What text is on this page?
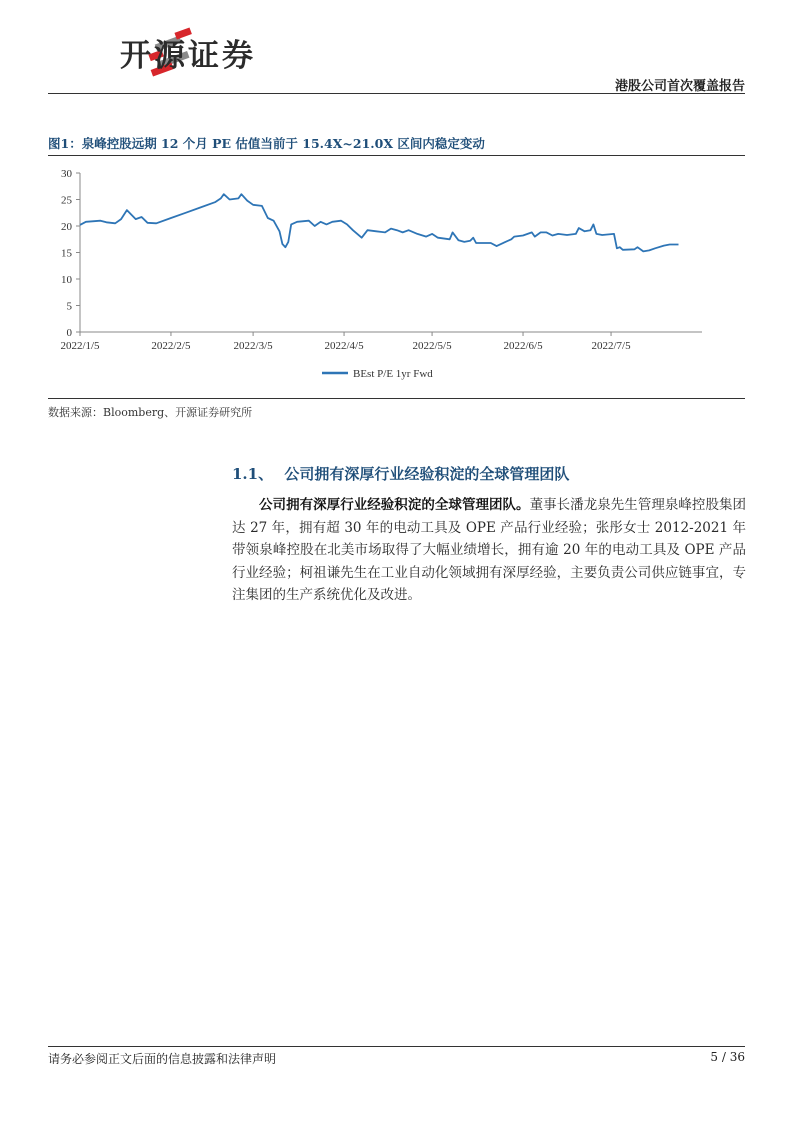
开源证券
港股公司首次覆盖报告
图1：泉峰控股远期 12 个月 PE 估值当前于 15.4X~21.0X 区间内稳定变动
0
5
10
15
20
25
30
2022/1/5	2022/2/5	2022/3/5	2022/4/5	2022/5/5	2022/6/5	2022/7/5
BEst P/E 1yr Fwd
数据来源：Bloomberg、开源证券研究所
1.1、 公司拥有深厚行业经验积淀的全球管理团队

公司拥有深厚行业经验积淀的全球管理团队。董事长潘龙泉先生管理泉峰控股集团达 27 年，拥有超 30 年的电动工具及 OPE 产品行业经验；张彤女士 2012-2021 年带领泉峰控股在北美市场取得了大幅业绩增长，拥有逾 20 年的电动工具及 OPE 产品行业经验；柯祖谦先生在工业自动化领域拥有深厚经验，主要负责公司供应链事宜，专注集团的生产系统优化及改进。

请务必参阅正文后面的信息披露和法律声明	5 / 36
